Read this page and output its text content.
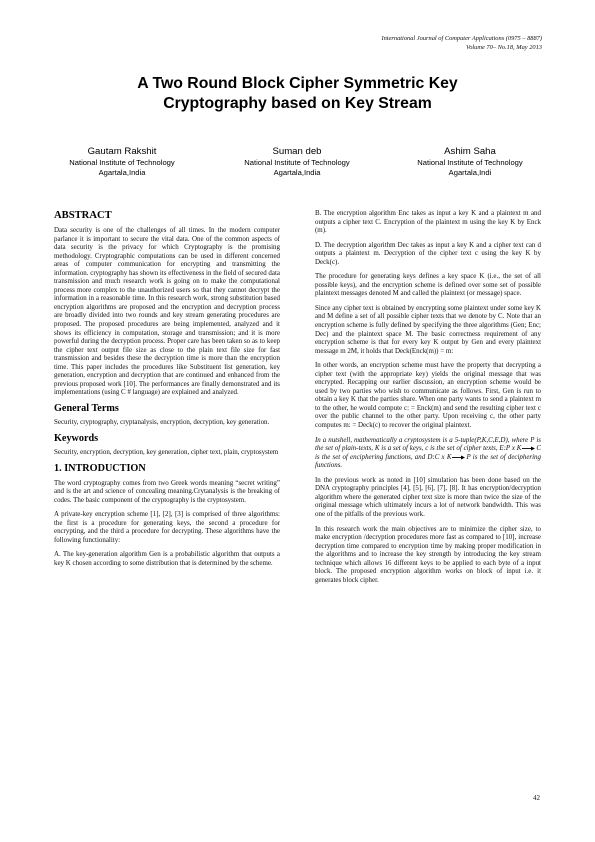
International Journal of Computer Applications (0975 – 8887)
Volume 70– No.18, May 2013
A Two Round Block Cipher Symmetric Key
Cryptography based on Key Stream
Gautam Rakshit
National Institute of Technology
Agartala,India
Suman deb
National Institute of Technology
Agartala,India
Ashim Saha
National Institute of Technology
Agartala,Indi
ABSTRACT

Data security is one of the challenges of all times. In the modern computer parlance it is important to secure the vital data. One of the common aspects of data security is the privacy for which Cryptography is the promising methodology. Cryptographic computations can be used in different concerned areas of computer communication for encrypting and transmitting the information. cryptography has shown its effectiveness in the field of secured data transmission and much research work is going on to make the computational process more complex to the unauthorized users so that they cannot decrypt the information in a reasonable time. In this research work, strong substitution based encryption algorithms are proposed and the encryption and decryption process are broadly divided into two rounds and key stream generating procedures are proposed. The proposed procedures are being implemented, analyzed and it shows its efficiency in computation, storage and transmission; and it is more powerful during the decryption process. Proper care has been taken so as to keep the cipher text output file size as close to the plain text file size for fast transmission and besides these the decryption time is more than the encryption time. This paper includes the procedures like Substituent list generation, key generation, encryption and decryption that are continued and enhanced from the previous proposed work [10]. The performances are finally demonstrated and its implementations (using C # language) are explained and analyzed.

General Terms

Security, cryptography, cryptanalysis, encryption, decryption, key generation.

Keywords

Security, encryption, decryption, key generation, cipher text, plain, cryptosystem

1. INTRODUCTION

The word cryptography comes from two Greek words meaning “secret writing” and is the art and science of concealing meaning.Crytanalysis is the breaking of codes. The basic component of the cryptography is the cryptosystem.

A private-key encryption scheme [1], [2], [3] is comprised of three algorithms: the first is a procedure for generating keys, the second a procedure for encrypting, and the third a procedure for decrypting. These algorithms have the following functionality:

A. The key-generation algorithm Gen is a probabilistic algorithm that outputs a key K chosen according to some distribution that is determined by the scheme.

B. The encryption algorithm Enc takes as input a key K and a plaintext m and outputs a cipher text C. Encryption of the plaintext m using the key K by Enck (m).

D. The decryption algorithm Dec takes as input a key K and a cipher text can d outputs a plaintext m. Decryption of the cipher text c using the key K by Deck(c).

The procedure for generating keys defines a key space K (i.e., the set of all possible keys), and the encryption scheme is defined over some set of possible plaintext messages denoted M and called the plaintext (or message) space.

Since any cipher text is obtained by encrypting some plaintext under some key K and M define a set of all possible cipher texts that we denote by C. Note that an encryption scheme is fully defined by specifying the three algorithms (Gen; Enc; Dec) and the plaintext space M. The basic correctness requirement of any encryption scheme is that for every key K output by Gen and every plaintext message m 2M, it holds that Deck(Enck(m)) = m:

In other words, an encryption scheme must have the property that decrypting a cipher text (with the appropriate key) yields the original message that was encrypted. Recapping our earlier discussion, an encryption scheme would be used by two parties who wish to communicate as follows. First, Gen is run to obtain a key K that the parties share. When one party wants to send a plaintext m to the other, he would compute c: = Enck(m) and send the resulting cipher text c over the public channel to the other party. Upon receiving c, the other party computes m: = Deck(c) to recover the original plaintext.

In a nutshell, mathematically a cryptosystem is a 5-tuple(P,K,C,E,D), where P is the set of plain-texts, K is a set of keys, c is the set of cipher texts, E:P x K C is the set of enciphering functions, and D:C x K P is the set of deciphering functions.

In the previous work as noted in [10] simulation has been done based on the DNA cryptography principles [4], [5], [6], [7], [8]. It has encryption/decryption algorithm where the generated cipher text size is more than twice the size of the original message which ultimately incurs a lot of network bandwidth. This was one of the pitfalls of the previous work.

In this research work the main objectives are to minimize the cipher size, to make encryption /decryption procedures more fast as compared to [10], increase decryption time compared to encryption time by making proper modification in the algorithms and to increase the key strength by introducing the key stream technique which allows 16 different keys to be applied to each byte of a input block. The proposed encryption algorithm works on block of input i.e. it generates block cipher.

42
